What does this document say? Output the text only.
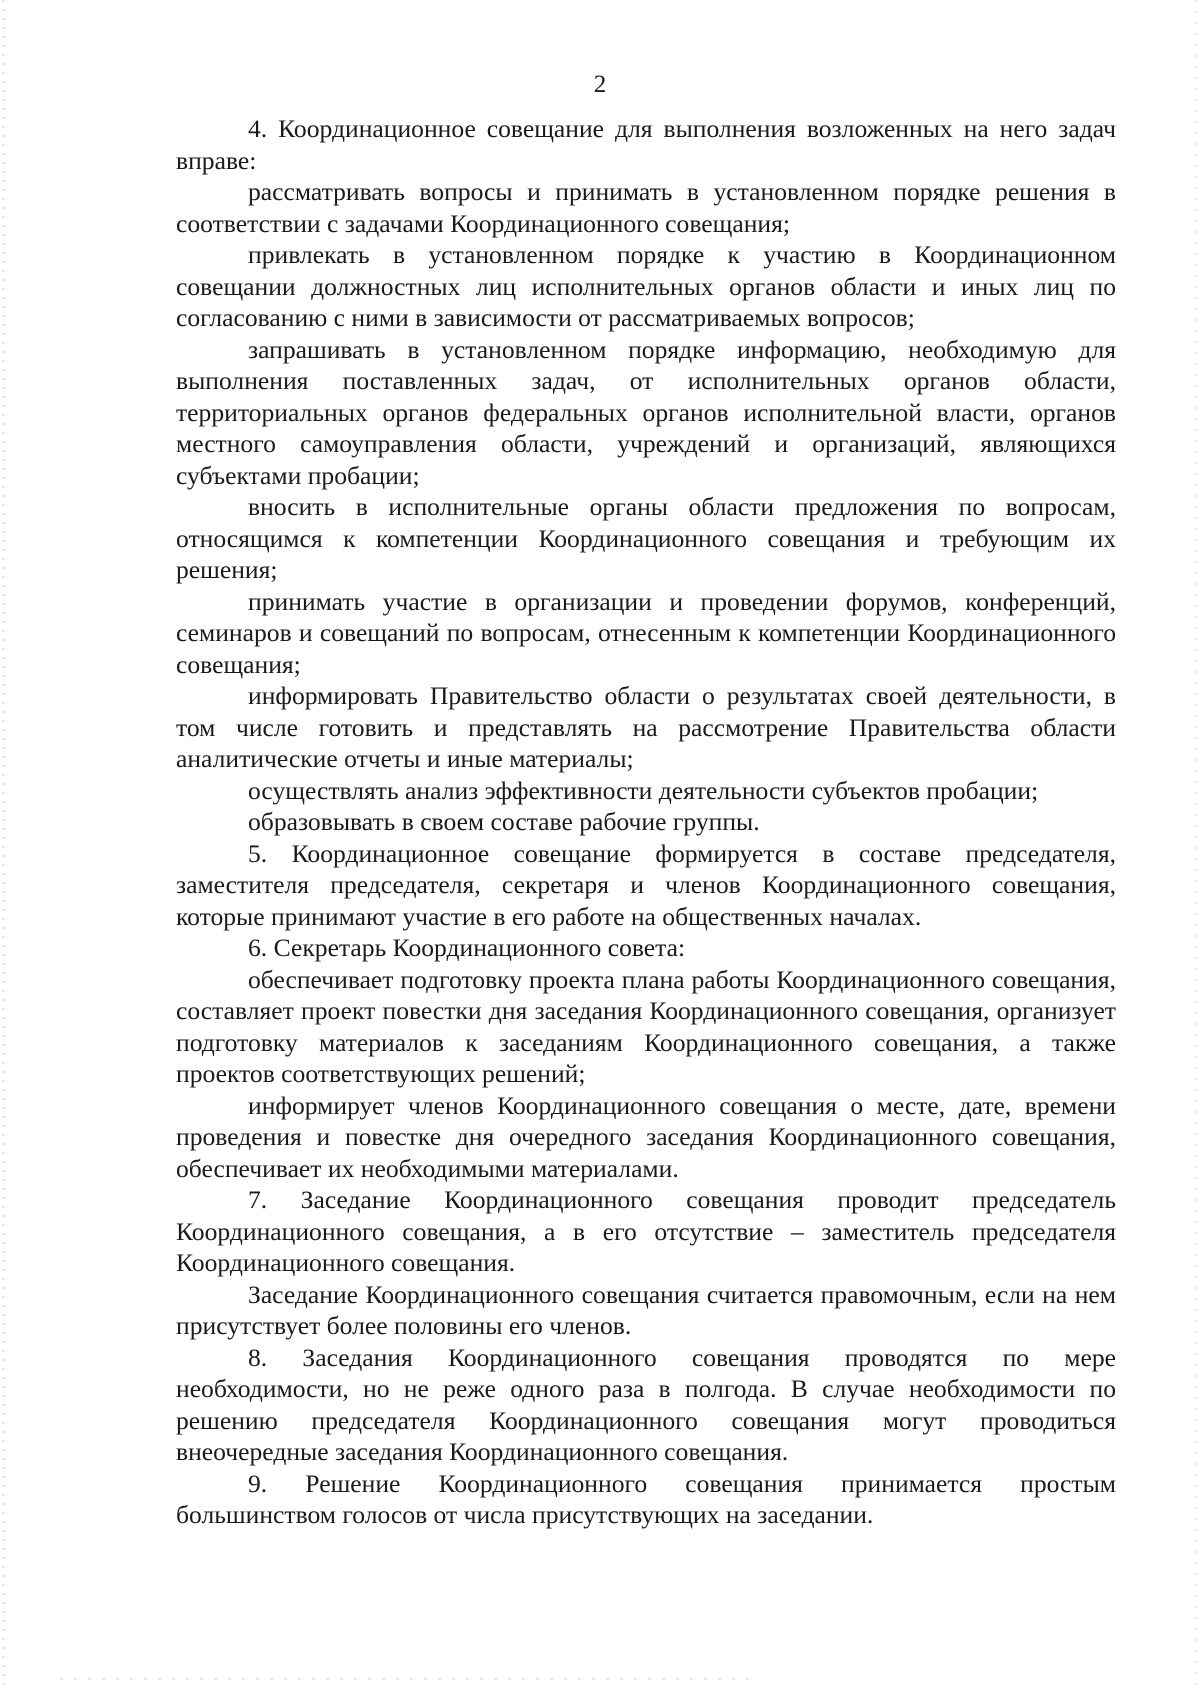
2

4. Координационное совещание для выполнения возложенных на него задач вправе:

рассматривать вопросы и принимать в установленном порядке решения в соответствии с задачами Координационного совещания;

привлекать в установленном порядке к участию в Координационном совещании должностных лиц исполнительных органов области и иных лиц по согласованию с ними в зависимости от рассматриваемых вопросов;

запрашивать в установленном порядке информацию, необходимую для выполнения поставленных задач, от исполнительных органов области, территориальных органов федеральных органов исполнительной власти, органов местного самоуправления области, учреждений и организаций, являющихся субъектами пробации;

вносить в исполнительные органы области предложения по вопросам, относящимся к компетенции Координационного совещания и требующим их решения;

принимать участие в организации и проведении форумов, конференций, семинаров и совещаний по вопросам, отнесенным к компетенции Координационного совещания;

информировать Правительство области о результатах своей деятельности, в том числе готовить и представлять на рассмотрение Правительства области аналитические отчеты и иные материалы;

осуществлять анализ эффективности деятельности субъектов пробации;

образовывать в своем составе рабочие группы.

5. Координационное совещание формируется в составе председателя, заместителя председателя, секретаря и членов Координационного совещания, которые принимают участие в его работе на общественных началах.

6. Секретарь Координационного совета:

обеспечивает подготовку проекта плана работы Координационного совещания, составляет проект повестки дня заседания Координационного совещания, организует подготовку материалов к заседаниям Координационного совещания, а также проектов соответствующих решений;

информирует членов Координационного совещания о месте, дате, времени проведения и повестке дня очередного заседания Координационного совещания, обеспечивает их необходимыми материалами.

7. Заседание Координационного совещания проводит председатель Координационного совещания, а в его отсутствие – заместитель председателя Координационного совещания.

Заседание Координационного совещания считается правомочным, если на нем присутствует более половины его членов.

8. Заседания Координационного совещания проводятся по мере необходимости, но не реже одного раза в полгода. В случае необходимости по решению председателя Координационного совещания могут проводиться внеочередные заседания Координационного совещания.

9. Решение Координационного совещания принимается простым большинством голосов от числа присутствующих на заседании.
